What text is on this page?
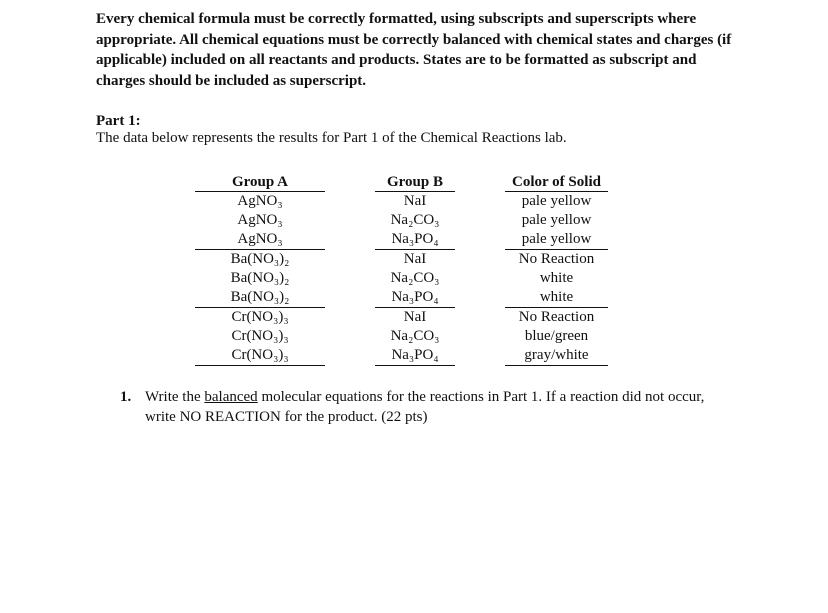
Every chemical formula must be correctly formatted, using subscripts and superscripts where appropriate. All chemical equations must be correctly balanced with chemical states and charges (if applicable) included on all reactants and products. States are to be formatted as subscript and charges should be included as superscript.

Part 1:

The data below represents the results for Part 1 of the Chemical Reactions lab.

Group A		Group B		Color of Solid
AgNO₃		NaI		pale yellow
AgNO₃		Na₂CO₃		pale yellow
AgNO₃		Na₃PO₄		pale yellow
Ba(NO₃)₂		NaI		No Reaction
Ba(NO₃)₂		Na₂CO₃		white
Ba(NO₃)₂		Na₃PO₄		white
Cr(NO₃)₃		NaI		No Reaction
Cr(NO₃)₃		Na₂CO₃		blue/green
Cr(NO₃)₃		Na₃PO₄		gray/white
1. Write the balanced molecular equations for the reactions in Part 1. If a reaction did not occur, write NO REACTION for the product. (22 pts)
